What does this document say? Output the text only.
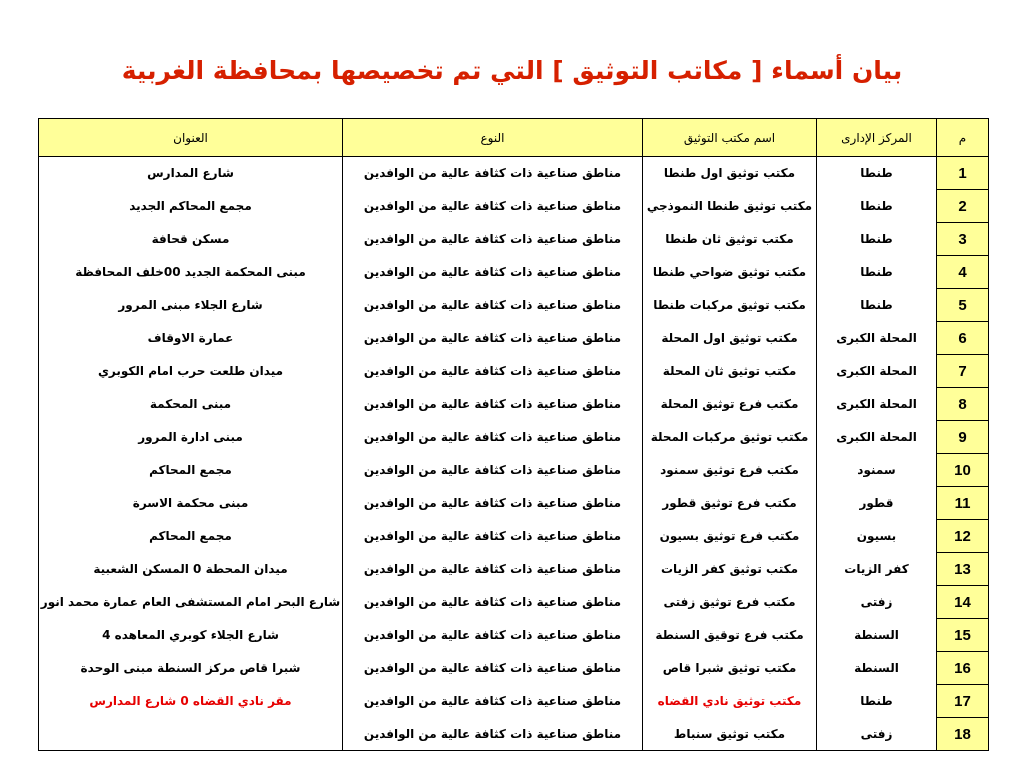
بيان أسماء [ مكاتب التوثيق ] التي تم تخصيصها بمحافظة الغربية
م	المركز الإدارى	اسم مكتب التوثيق	النوع	العنوان
1	طنطا	مكتب توثيق اول طنطا	مناطق صناعية ذات كثافة عالية من الوافدين	شارع المدارس
2	طنطا	مكتب توثيق طنطا النموذجي	مناطق صناعية ذات كثافة عالية من الوافدين	مجمع المحاكم الجديد
3	طنطا	مكتب توثيق ثان طنطا	مناطق صناعية ذات كثافة عالية من الوافدين	مسكن قحافة
4	طنطا	مكتب توثيق ضواحي طنطا	مناطق صناعية ذات كثافة عالية من الوافدين	مبنى المحكمة الجديد 00خلف المحافظة
5	طنطا	مكتب توثيق مركبات طنطا	مناطق صناعية ذات كثافة عالية من الوافدين	شارع الجلاء مبنى المرور
6	المحلة الكبرى	مكتب توثيق اول المحلة	مناطق صناعية ذات كثافة عالية من الوافدين	عمارة الاوقاف
7	المحلة الكبرى	مكتب توثيق ثان المحلة	مناطق صناعية ذات كثافة عالية من الوافدين	ميدان طلعت حرب امام الكوبري
8	المحلة الكبرى	مكتب فرع توثيق المحلة	مناطق صناعية ذات كثافة عالية من الوافدين	مبنى المحكمة
9	المحلة الكبرى	مكتب توثيق مركبات المحلة	مناطق صناعية ذات كثافة عالية من الوافدين	مبنى ادارة المرور
10	سمنود	مكتب فرع توثيق سمنود	مناطق صناعية ذات كثافة عالية من الوافدين	مجمع المحاكم
11	قطور	مكتب فرع توثيق قطور	مناطق صناعية ذات كثافة عالية من الوافدين	مبنى محكمة الاسرة
12	بسيون	مكتب فرع توثيق بسيون	مناطق صناعية ذات كثافة عالية من الوافدين	مجمع المحاكم
13	كفر الزيات	مكتب توثيق كفر الزيات	مناطق صناعية ذات كثافة عالية من الوافدين	ميدان المحطة 0 المسكن الشعبية
14	زفتى	مكتب فرع توثيق زفتى	مناطق صناعية ذات كثافة عالية من الوافدين	شارع البحر امام المستشفى العام عمارة محمد انور
15	السنطة	مكتب فرع توقيق السنطة	مناطق صناعية ذات كثافة عالية من الوافدين	شارع الجلاء كوبري المعاهده 4
16	السنطة	مكتب توثيق شبرا قاص	مناطق صناعية ذات كثافة عالية من الوافدين	شبرا قاص مركز السنطة مبنى الوحدة
17	طنطا	مكتب توثيق نادي القضاه	مناطق صناعية ذات كثافة عالية من الوافدين	مقر نادي القضاه 0 شارع المدارس
18	زفتى	مكتب توثيق سنباط	مناطق صناعية ذات كثافة عالية من الوافدين	
